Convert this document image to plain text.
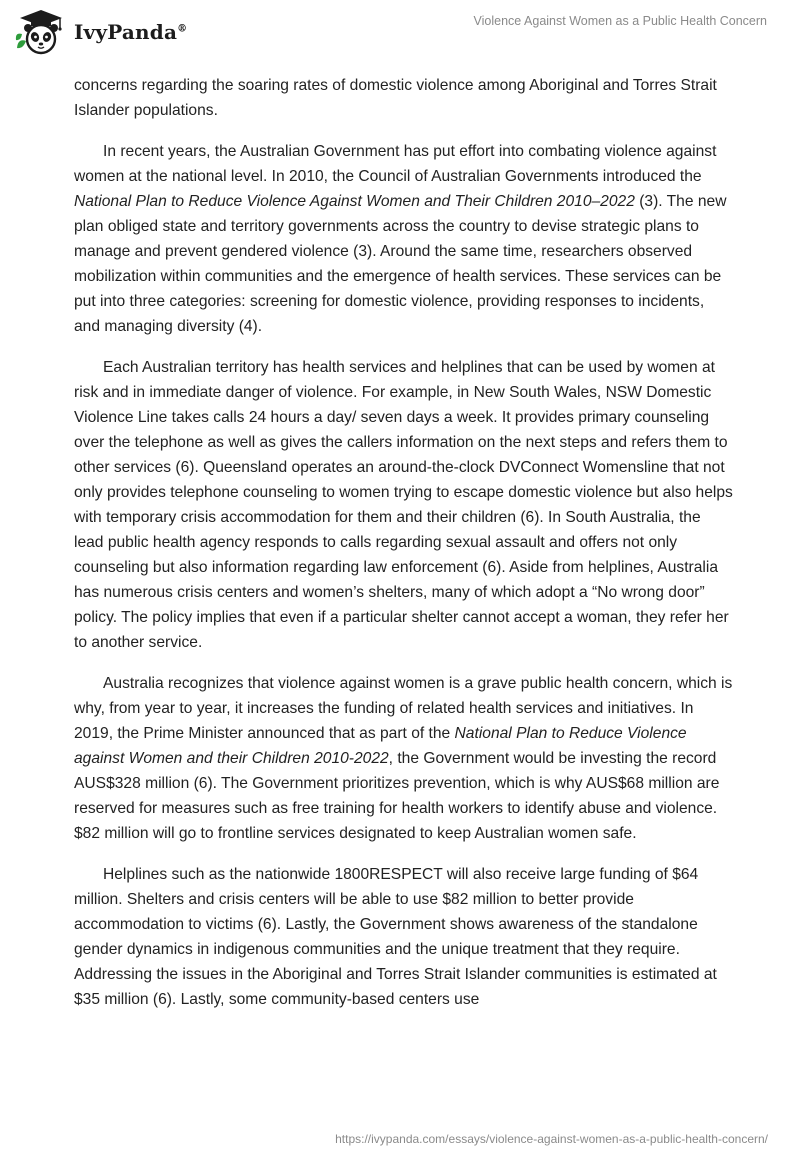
IvyPanda®
Violence Against Women as a Public Health Concern

concerns regarding the soaring rates of domestic violence among Aboriginal and Torres Strait Islander populations.

In recent years, the Australian Government has put effort into combating violence against women at the national level. In 2010, the Council of Australian Governments introduced the National Plan to Reduce Violence Against Women and Their Children 2010–2022 (3). The new plan obliged state and territory governments across the country to devise strategic plans to manage and prevent gendered violence (3). Around the same time, researchers observed mobilization within communities and the emergence of health services. These services can be put into three categories: screening for domestic violence, providing responses to incidents, and managing diversity (4).

Each Australian territory has health services and helplines that can be used by women at risk and in immediate danger of violence. For example, in New South Wales, NSW Domestic Violence Line takes calls 24 hours a day/ seven days a week. It provides primary counseling over the telephone as well as gives the callers information on the next steps and refers them to other services (6). Queensland operates an around-the-clock DVConnect Womensline that not only provides telephone counseling to women trying to escape domestic violence but also helps with temporary crisis accommodation for them and their children (6). In South Australia, the lead public health agency responds to calls regarding sexual assault and offers not only counseling but also information regarding law enforcement (6). Aside from helplines, Australia has numerous crisis centers and women’s shelters, many of which adopt a “No wrong door” policy. The policy implies that even if a particular shelter cannot accept a woman, they refer her to another service.

Australia recognizes that violence against women is a grave public health concern, which is why, from year to year, it increases the funding of related health services and initiatives. In 2019, the Prime Minister announced that as part of the National Plan to Reduce Violence against Women and their Children 2010-2022, the Government would be investing the record AUS$328 million (6). The Government prioritizes prevention, which is why AUS$68 million are reserved for measures such as free training for health workers to identify abuse and violence. $82 million will go to frontline services designated to keep Australian women safe.

Helplines such as the nationwide 1800RESPECT will also receive large funding of $64 million. Shelters and crisis centers will be able to use $82 million to better provide accommodation to victims (6). Lastly, the Government shows awareness of the standalone gender dynamics in indigenous communities and the unique treatment that they require. Addressing the issues in the Aboriginal and Torres Strait Islander communities is estimated at $35 million (6). Lastly, some community-based centers use

https://ivypanda.com/essays/violence-against-women-as-a-public-health-concern/
